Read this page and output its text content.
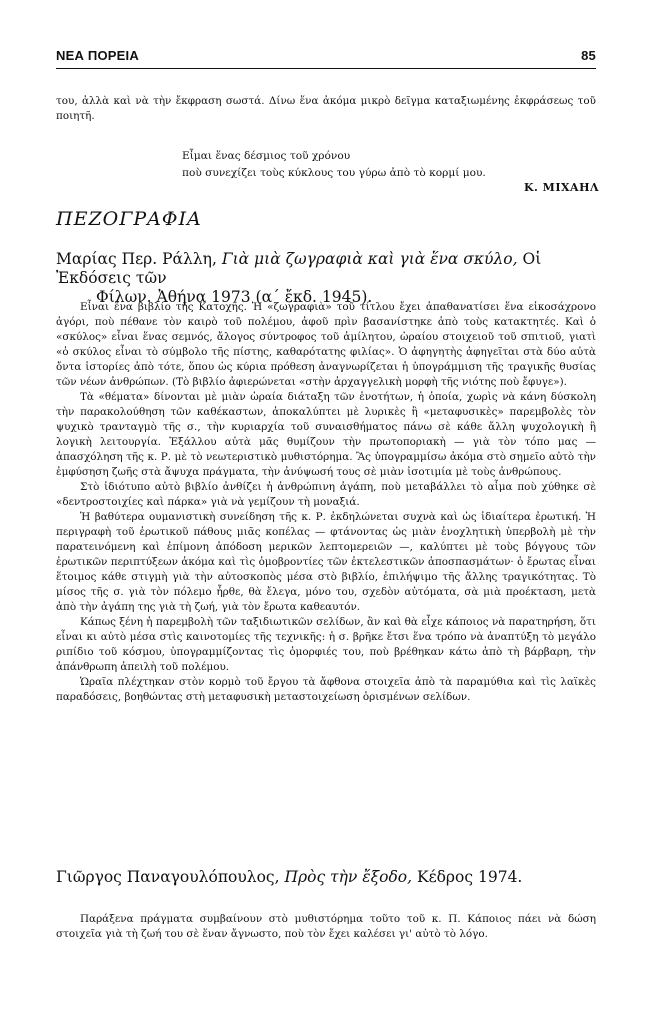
ΝΕΑ ΠΟΡΕΙΑ	85

του, ἀλλὰ καὶ νὰ τὴν ἔκφραση σωστά. Δίνω ἕνα ἀκόμα μικρὸ δεῖγμα καταξιωμένης ἐκφράσεως τοῦ ποιητῆ.

Εἶμαι ἕνας δέσμιος τοῦ χρόνου
ποὺ συνεχίζει τοὺς κύκλους του γύρω ἀπὸ τὸ κορμί μου.
Κ. ΜΙΧΑΗΛ
ΠΕΖΟΓΡΑΦΙΑ
Μαρίας Περ. Ράλλη, Γιὰ μιὰ ζωγραφιὰ καὶ γιὰ ἕνα σκύλο, Οἱ Ἐκδόσεις τῶν
Φίλων. Ἀθήνα 1973 (α΄ ἔκδ. 1945).

Εἶναι ἕνα βιβλίο τῆς Κατοχῆς. Ἡ «ζωγραφιὰ» τοῦ τίτλου ἔχει ἀπαθανατίσει ἕνα εἰκοσάχρονο ἀγόρι, ποὺ πέθανε τὸν καιρὸ τοῦ πολέμου, ἀφοῦ πρὶν βασανίστηκε ἀπὸ τοὺς κατακτητές. Καὶ ὁ «σκύλος» εἶναι ἕνας σεμνός, ἄλογος σύντροφος τοῦ ἀμίλητου, ὡραίου στοιχειοῦ τοῦ σπιτιοῦ, γιατὶ «ὁ σκύλος εἶναι τὸ σύμβολο τῆς πίστης, καθαρότατης φιλίας». Ὁ ἀφηγητὴς ἀφηγεῖται στὰ δύο αὐτὰ ὄντα ἱστορίες ἀπὸ τότε, ὅπου ὡς κύρια πρόθεση ἀναγνωρίζεται ἡ ὑπογράμμιση τῆς τραγικῆς θυσίας τῶν νέων ἀνθρώπων. (Τὸ βιβλίο ἀφιερώνεται «στὴν ἀρχαγγελικὴ μορφὴ τῆς νιότης ποὺ ἔφυγε»).

Τὰ «θέματα» δίνονται μὲ μιὰν ὡραία διάταξη τῶν ἑνοτήτων, ἡ ὁποία, χωρὶς νὰ κάνη δύσκολη τὴν παρακολούθηση τῶν καθέκαστων, ἀποκαλύπτει μὲ λυρικὲς ἢ «μεταφυσικὲς» παρεμβολὲς τὸν ψυχικὸ τρανταγμὸ τῆς σ., τὴν κυριαρχία τοῦ συναισθήματος πάνω σὲ κάθε ἄλλη ψυχολογικὴ ἢ λογικὴ λειτουργία. Ἐξάλλου αὐτὰ μᾶς θυμίζουν τὴν πρωτοποριακὴ — γιὰ τὸν τόπο μας — ἀπασχόληση τῆς κ. Ρ. μὲ τὸ νεωτεριστικὸ μυθιστόρημα. Ἂς ὑπογραμμίσω ἀκόμα στὸ σημεῖο αὐτὸ τὴν ἐμφύσηση ζωῆς στὰ ἄψυχα πράγματα, τὴν ἀνύψωσή τους σὲ μιὰν ἰσοτιμία μὲ τοὺς ἀνθρώπους.

Στὸ ἰδιότυπο αὐτὸ βιβλίο ἀνθίζει ἡ ἀνθρώπινη ἀγάπη, ποὺ μεταβάλλει τὸ αἷμα ποὺ χύθηκε σὲ «δεντροστοιχίες καὶ πάρκα» γιὰ νὰ γεμίζουν τὴ μοναξιά.

Ἡ βαθύτερα ουμανιστικὴ συνείδηση τῆς κ. Ρ. ἐκδηλώνεται συχνὰ καὶ ὡς ἰδιαίτερα ἐρωτική. Ἡ περιγραφὴ τοῦ ἐρωτικοῦ πάθους μιᾶς κοπέλας — φτάνοντας ὡς μιὰν ἐνοχλητικὴ ὑπερβολὴ μὲ τὴν παρατεινόμενη καὶ ἐπίμονη ἀπόδοση μερικῶν λεπτομερειῶν —, καλύπτει μὲ τοὺς βόγγους τῶν ἐρωτικῶν περιπτύξεων ἀκόμα καὶ τὶς ὁμοβροντίες τῶν ἐκτελεστικῶν ἀποσπασμάτων· ὁ ἔρωτας εἶναι ἕτοιμος κάθε στιγμὴ γιὰ τὴν αὐτοσκοπὸς μέσα στὸ βιβλίο, ἐπιλήψιμο τῆς ἄλλης τραγικότητας. Τὸ μίσος τῆς σ. γιὰ τὸν πόλεμο ἦρθε, θὰ ἔλεγα, μόνο του, σχεδὸν αὐτόματα, σὰ μιὰ προέκταση, μετὰ ἀπὸ τὴν ἀγάπη της γιὰ τὴ ζωή, γιὰ τὸν ἔρωτα καθεαυτόν.

Κάπως ξένη ἡ παρεμβολὴ τῶν ταξιδιωτικῶν σελίδων, ἂν καὶ θὰ εἶχε κάποιος νὰ παρατηρήση, ὅτι εἶναι κι αὐτὸ μέσα στὶς καινοτομίες τῆς τεχνικῆς: ἡ σ. βρῆκε ἔτσι ἕνα τρόπο νὰ ἀναπτύξη τὸ μεγάλο ριπίδιο τοῦ κόσμου, ὑπογραμμίζοντας τὶς ὀμορφιές του, ποὺ βρέθηκαν κάτω ἀπὸ τὴ βάρβαρη, τὴν ἀπάνθρωπη ἀπειλὴ τοῦ πολέμου.

Ὡραῖα πλέχτηκαν στὸν κορμὸ τοῦ ἔργου τὰ ἄφθονα στοιχεῖα ἀπὸ τὰ παραμύθια καὶ τὶς λαϊκὲς παραδόσεις, βοηθώντας στὴ μεταφυσικὴ μεταστοιχείωση ὁρισμένων σελίδων.

Γιῶργος Παναγουλόπουλος, Πρὸς τὴν ἔξοδο, Κέδρος 1974.

Παράξενα πράγματα συμβαίνουν στὸ μυθιστόρημα τοῦτο τοῦ κ. Π. Κάποιος πάει νὰ δώση στοιχεῖα γιὰ τὴ ζωή του σὲ ἕναν ἄγνωστο, ποὺ τὸν ἔχει καλέσει γι' αὐτὸ τὸ λόγο.
